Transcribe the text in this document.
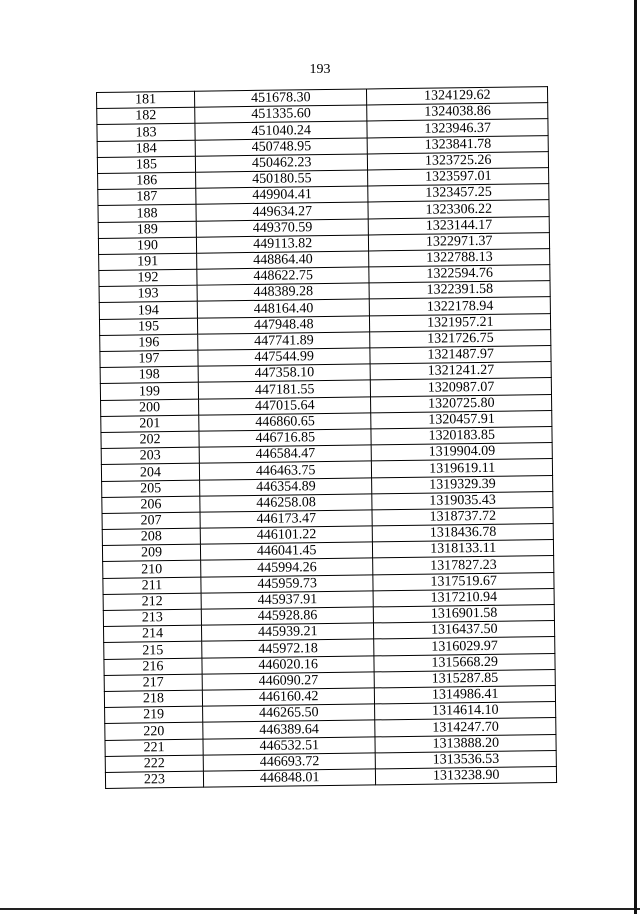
193
181	451678.30	1324129.62
182	451335.60	1324038.86
183	451040.24	1323946.37
184	450748.95	1323841.78
185	450462.23	1323725.26
186	450180.55	1323597.01
187	449904.41	1323457.25
188	449634.27	1323306.22
189	449370.59	1323144.17
190	449113.82	1322971.37
191	448864.40	1322788.13
192	448622.75	1322594.76
193	448389.28	1322391.58
194	448164.40	1322178.94
195	447948.48	1321957.21
196	447741.89	1321726.75
197	447544.99	1321487.97
198	447358.10	1321241.27
199	447181.55	1320987.07
200	447015.64	1320725.80
201	446860.65	1320457.91
202	446716.85	1320183.85
203	446584.47	1319904.09
204	446463.75	1319619.11
205	446354.89	1319329.39
206	446258.08	1319035.43
207	446173.47	1318737.72
208	446101.22	1318436.78
209	446041.45	1318133.11
210	445994.26	1317827.23
211	445959.73	1317519.67
212	445937.91	1317210.94
213	445928.86	1316901.58
214	445939.21	1316437.50
215	445972.18	1316029.97
216	446020.16	1315668.29
217	446090.27	1315287.85
218	446160.42	1314986.41
219	446265.50	1314614.10
220	446389.64	1314247.70
221	446532.51	1313888.20
222	446693.72	1313536.53
223	446848.01	1313238.90
